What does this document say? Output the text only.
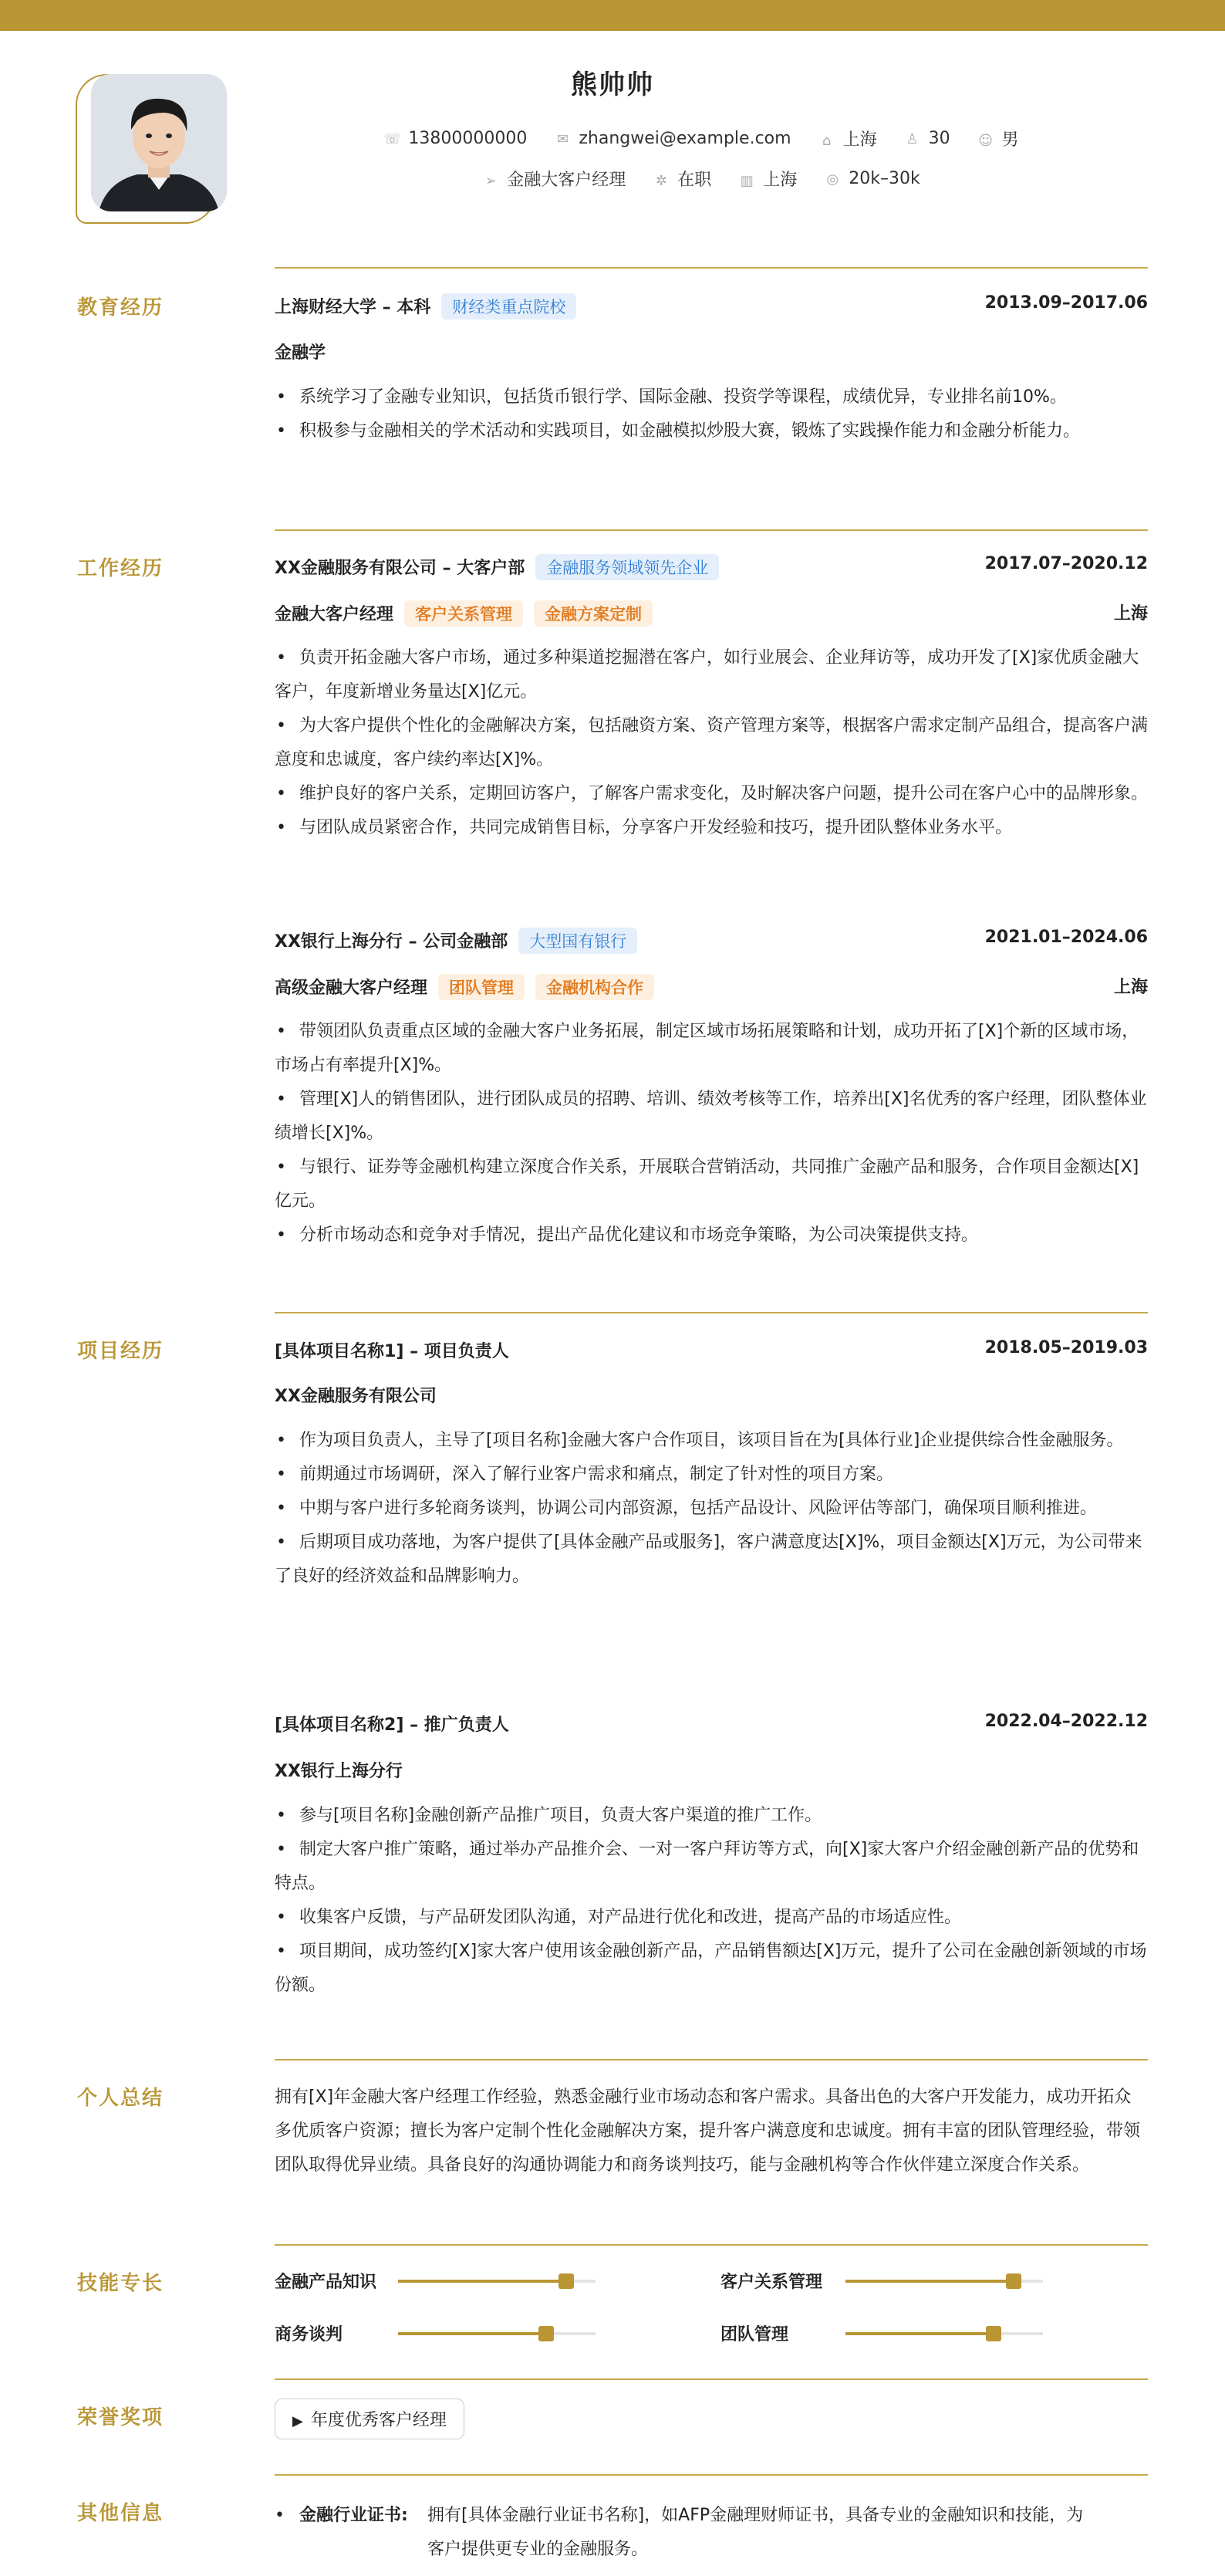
熊帅帅
☏ 13800000000 ✉ zhangwei@example.com ⌂ 上海 ♙ 30 ☺ 男
➢ 金融大客户经理 ✲ 在职 ▥ 上海 ◎ 20k–30k
教育经历	上海财经大学 – 本科 财经类重点院校	2013.09–2017.06
金融学
• 系统学习了金融专业知识，包括货币银行学、国际金融、投资学等课程，成绩优异，专业排名前10%。
• 积极参与金融相关的学术活动和实践项目，如金融模拟炒股大赛，锻炼了实践操作能力和金融分析能力。
工作经历	XX金融服务有限公司 – 大客户部 金融服务领域领先企业	2017.07–2020.12
金融大客户经理 客户关系管理 金融方案定制	上海
• 负责开拓金融大客户市场，通过多种渠道挖掘潜在客户，如行业展会、企业拜访等，成功开发了[X]家优质金融大客户，年度新增业务量达[X]亿元。
• 为大客户提供个性化的金融解决方案，包括融资方案、资产管理方案等，根据客户需求定制产品组合，提高客户满意度和忠诚度，客户续约率达[X]%。
• 维护良好的客户关系，定期回访客户，了解客户需求变化，及时解决客户问题，提升公司在客户心中的品牌形象。
• 与团队成员紧密合作，共同完成销售目标，分享客户开发经验和技巧，提升团队整体业务水平。
XX银行上海分行 – 公司金融部 大型国有银行	2021.01–2024.06
高级金融大客户经理 团队管理 金融机构合作	上海
• 带领团队负责重点区域的金融大客户业务拓展，制定区域市场拓展策略和计划，成功开拓了[X]个新的区域市场，市场占有率提升[X]%。
• 管理[X]人的销售团队，进行团队成员的招聘、培训、绩效考核等工作，培养出[X]名优秀的客户经理，团队整体业绩增长[X]%。
• 与银行、证券等金融机构建立深度合作关系，开展联合营销活动，共同推广金融产品和服务，合作项目金额达[X]亿元。
• 分析市场动态和竞争对手情况，提出产品优化建议和市场竞争策略，为公司决策提供支持。
项目经历	[具体项目名称1] – 项目负责人	2018.05–2019.03
XX金融服务有限公司
• 作为项目负责人，主导了[项目名称]金融大客户合作项目，该项目旨在为[具体行业]企业提供综合性金融服务。
• 前期通过市场调研，深入了解行业客户需求和痛点，制定了针对性的项目方案。
• 中期与客户进行多轮商务谈判，协调公司内部资源，包括产品设计、风险评估等部门，确保项目顺利推进。
• 后期项目成功落地，为客户提供了[具体金融产品或服务]，客户满意度达[X]%，项目金额达[X]万元，为公司带来了良好的经济效益和品牌影响力。
[具体项目名称2] – 推广负责人	2022.04–2022.12
XX银行上海分行
• 参与[项目名称]金融创新产品推广项目，负责大客户渠道的推广工作。
• 制定大客户推广策略，通过举办产品推介会、一对一客户拜访等方式，向[X]家大客户介绍金融创新产品的优势和特点。
• 收集客户反馈，与产品研发团队沟通，对产品进行优化和改进，提高产品的市场适应性。
• 项目期间，成功签约[X]家大客户使用该金融创新产品，产品销售额达[X]万元，提升了公司在金融创新领域的市场份额。
个人总结	拥有[X]年金融大客户经理工作经验，熟悉金融行业市场动态和客户需求。具备出色的大客户开发能力，成功开拓众多优质客户资源；擅长为客户定制个性化金融解决方案，提升客户满意度和忠诚度。拥有丰富的团队管理经验，带领团队取得优异业绩。具备良好的沟通协调能力和商务谈判技巧，能与金融机构等合作伙伴建立深度合作关系。
技能专长	金融产品知识	客户关系管理
商务谈判	团队管理
荣誉奖项	▶ 年度优秀客户经理
其他信息	• 金融行业证书: 拥有[具体金融行业证书名称]，如AFP金融理财师证书，具备专业的金融知识和技能，为
客户提供更专业的金融服务。
